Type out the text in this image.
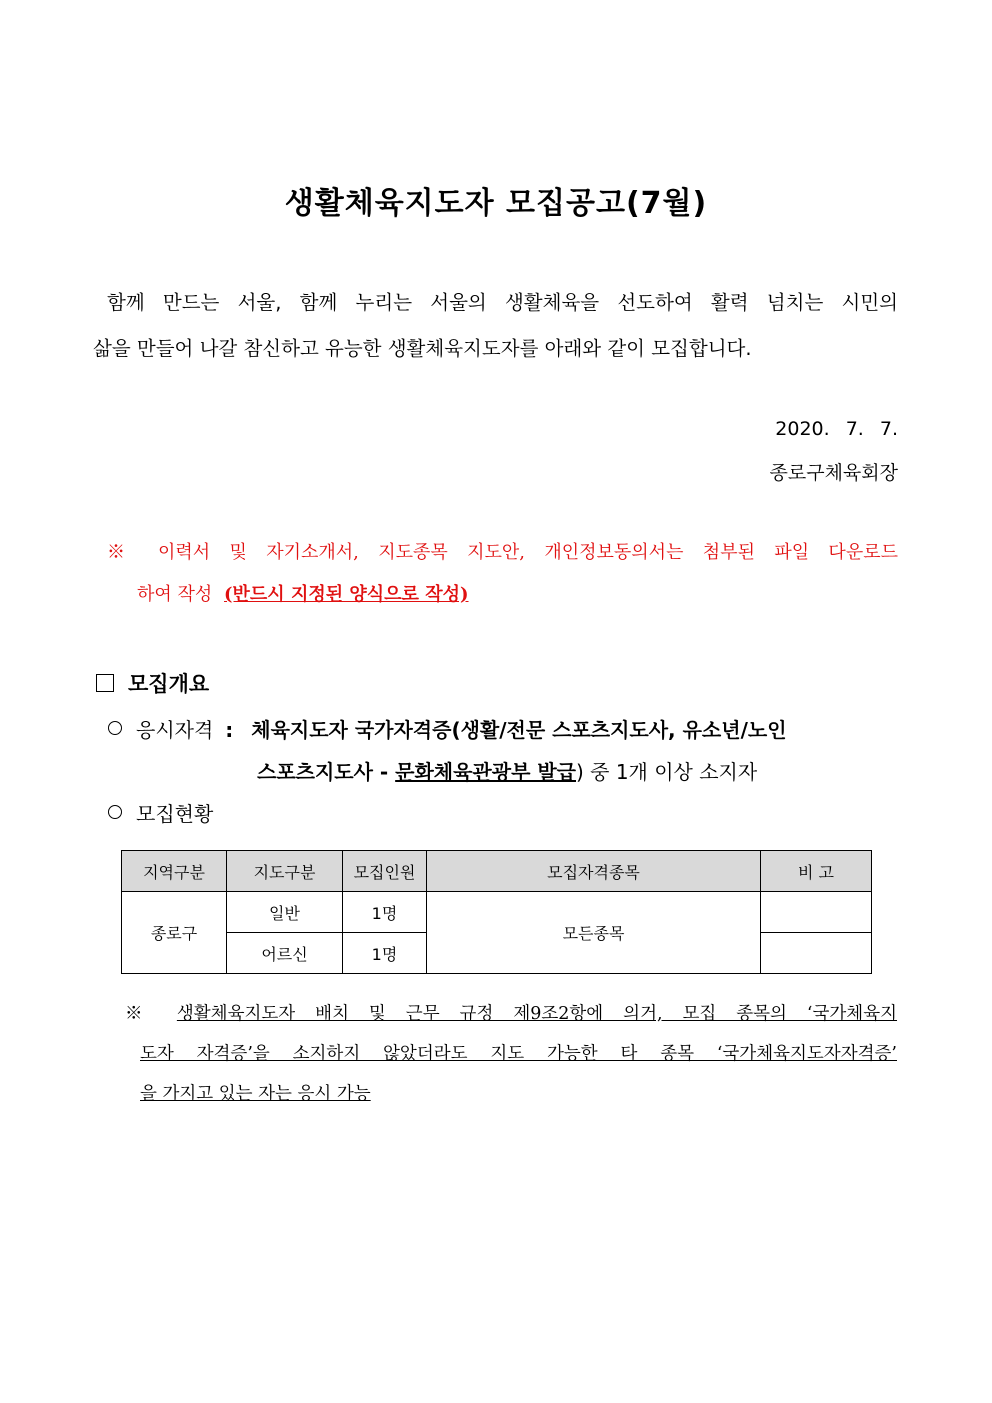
생활체육지도자 모집공고(7월)
함께 만드는 서울, 함께 누리는 서울의 생활체육을 선도하여 활력 넘치는 시민의
삶을 만들어 나갈 참신하고 유능한 생활체육지도자를 아래와 같이 모집합니다.
2020. 7. 7.
종로구체육회장
※ 이력서 및 자기소개서, 지도종목 지도안, 개인정보동의서는 첨부된 파일 다운로드
하여 작성 (반드시 지정된 양식으로 작성)
모집개요
응시자격 : 체육지도자 국가자격증(생활/전문 스포츠지도사, 유소년/노인
스포츠지도사 - 문화체육관광부 발급) 중 1개 이상 소지자
모집현황
지역구분	지도구분	모집인원	모집자격종목	비 고
종로구	일반	1명	모든종목	
	어르신	1명		
※ 생활체육지도자 배치 및 근무 규정 제9조2항에 의거, 모집 종목의 ‘국가체육지
도자 자격증’을 소지하지 않았더라도 지도 가능한 타 종목 ‘국가체육지도자자격증’
을 가지고 있는 자는 응시 가능
